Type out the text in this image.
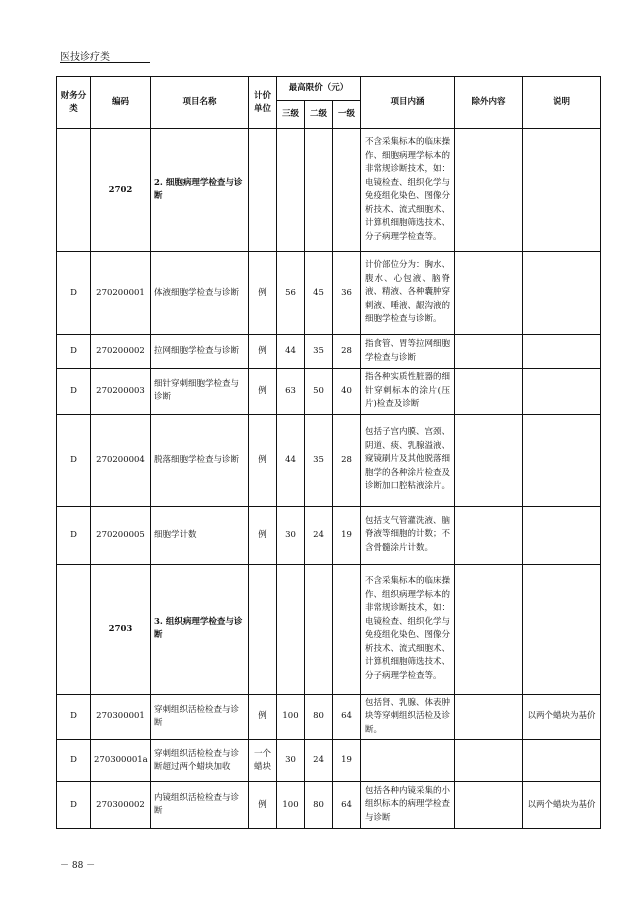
医技诊疗类
财务分类	编码	项目名称	计价单位	最高限价（元）			项目内涵	除外内容	说明
				三级	二级	一级			
	2702	2. 细胞病理学检查与诊断					不含采集标本的临床操作、细胞病理学标本的非常规诊断技术，如：电镜检查、组织化学与免疫组化染色、图像分析技术、流式细胞术、计算机细胞筛选技术、分子病理学检查等。		
D	270200001	体液细胞学检查与诊断	例	56	45	36	计价部位分为：胸水、腹水、心包液、脑脊液、精液、各种囊肿穿刺液、唾液、龈沟液的细胞学检查与诊断。		
D	270200002	拉网细胞学检查与诊断	例	44	35	28	指食管、胃等拉网细胞学检查与诊断		
D	270200003	细针穿刺细胞学检查与诊断	例	63	50	40	指各种实质性脏器的细针穿刺标本的涂片(压片)检查及诊断		
D	270200004	脱落细胞学检查与诊断	例	44	35	28	包括子宫内膜、宫颈、阴道、痰、乳腺溢液、窥镜刷片及其他脱落细胞学的各种涂片检查及诊断加口腔粘液涂片。		
D	270200005	细胞学计数	例	30	24	19	包括支气管灌洗液、脑脊液等细胞的计数；不含骨髓涂片计数。		
	2703	3. 组织病理学检查与诊断					不含采集标本的临床操作、组织病理学标本的非常规诊断技术，如：电镜检查、组织化学与免疫组化染色、图像分析技术、流式细胞术、计算机细胞筛选技术、分子病理学检查等。		
D	270300001	穿刺组织活检检查与诊断	例	100	80	64	包括肾、乳腺、体表肿块等穿刺组织活检及诊断。		以两个蜡块为基价
D	270300001a	穿刺组织活检检查与诊断超过两个蜡块加收	一个蜡块	30	24	19			
D	270300002	内镜组织活检检查与诊断	例	100	80	64	包括各种内镜采集的小组织标本的病理学检查与诊断		以两个蜡块为基价
－ 88 －
